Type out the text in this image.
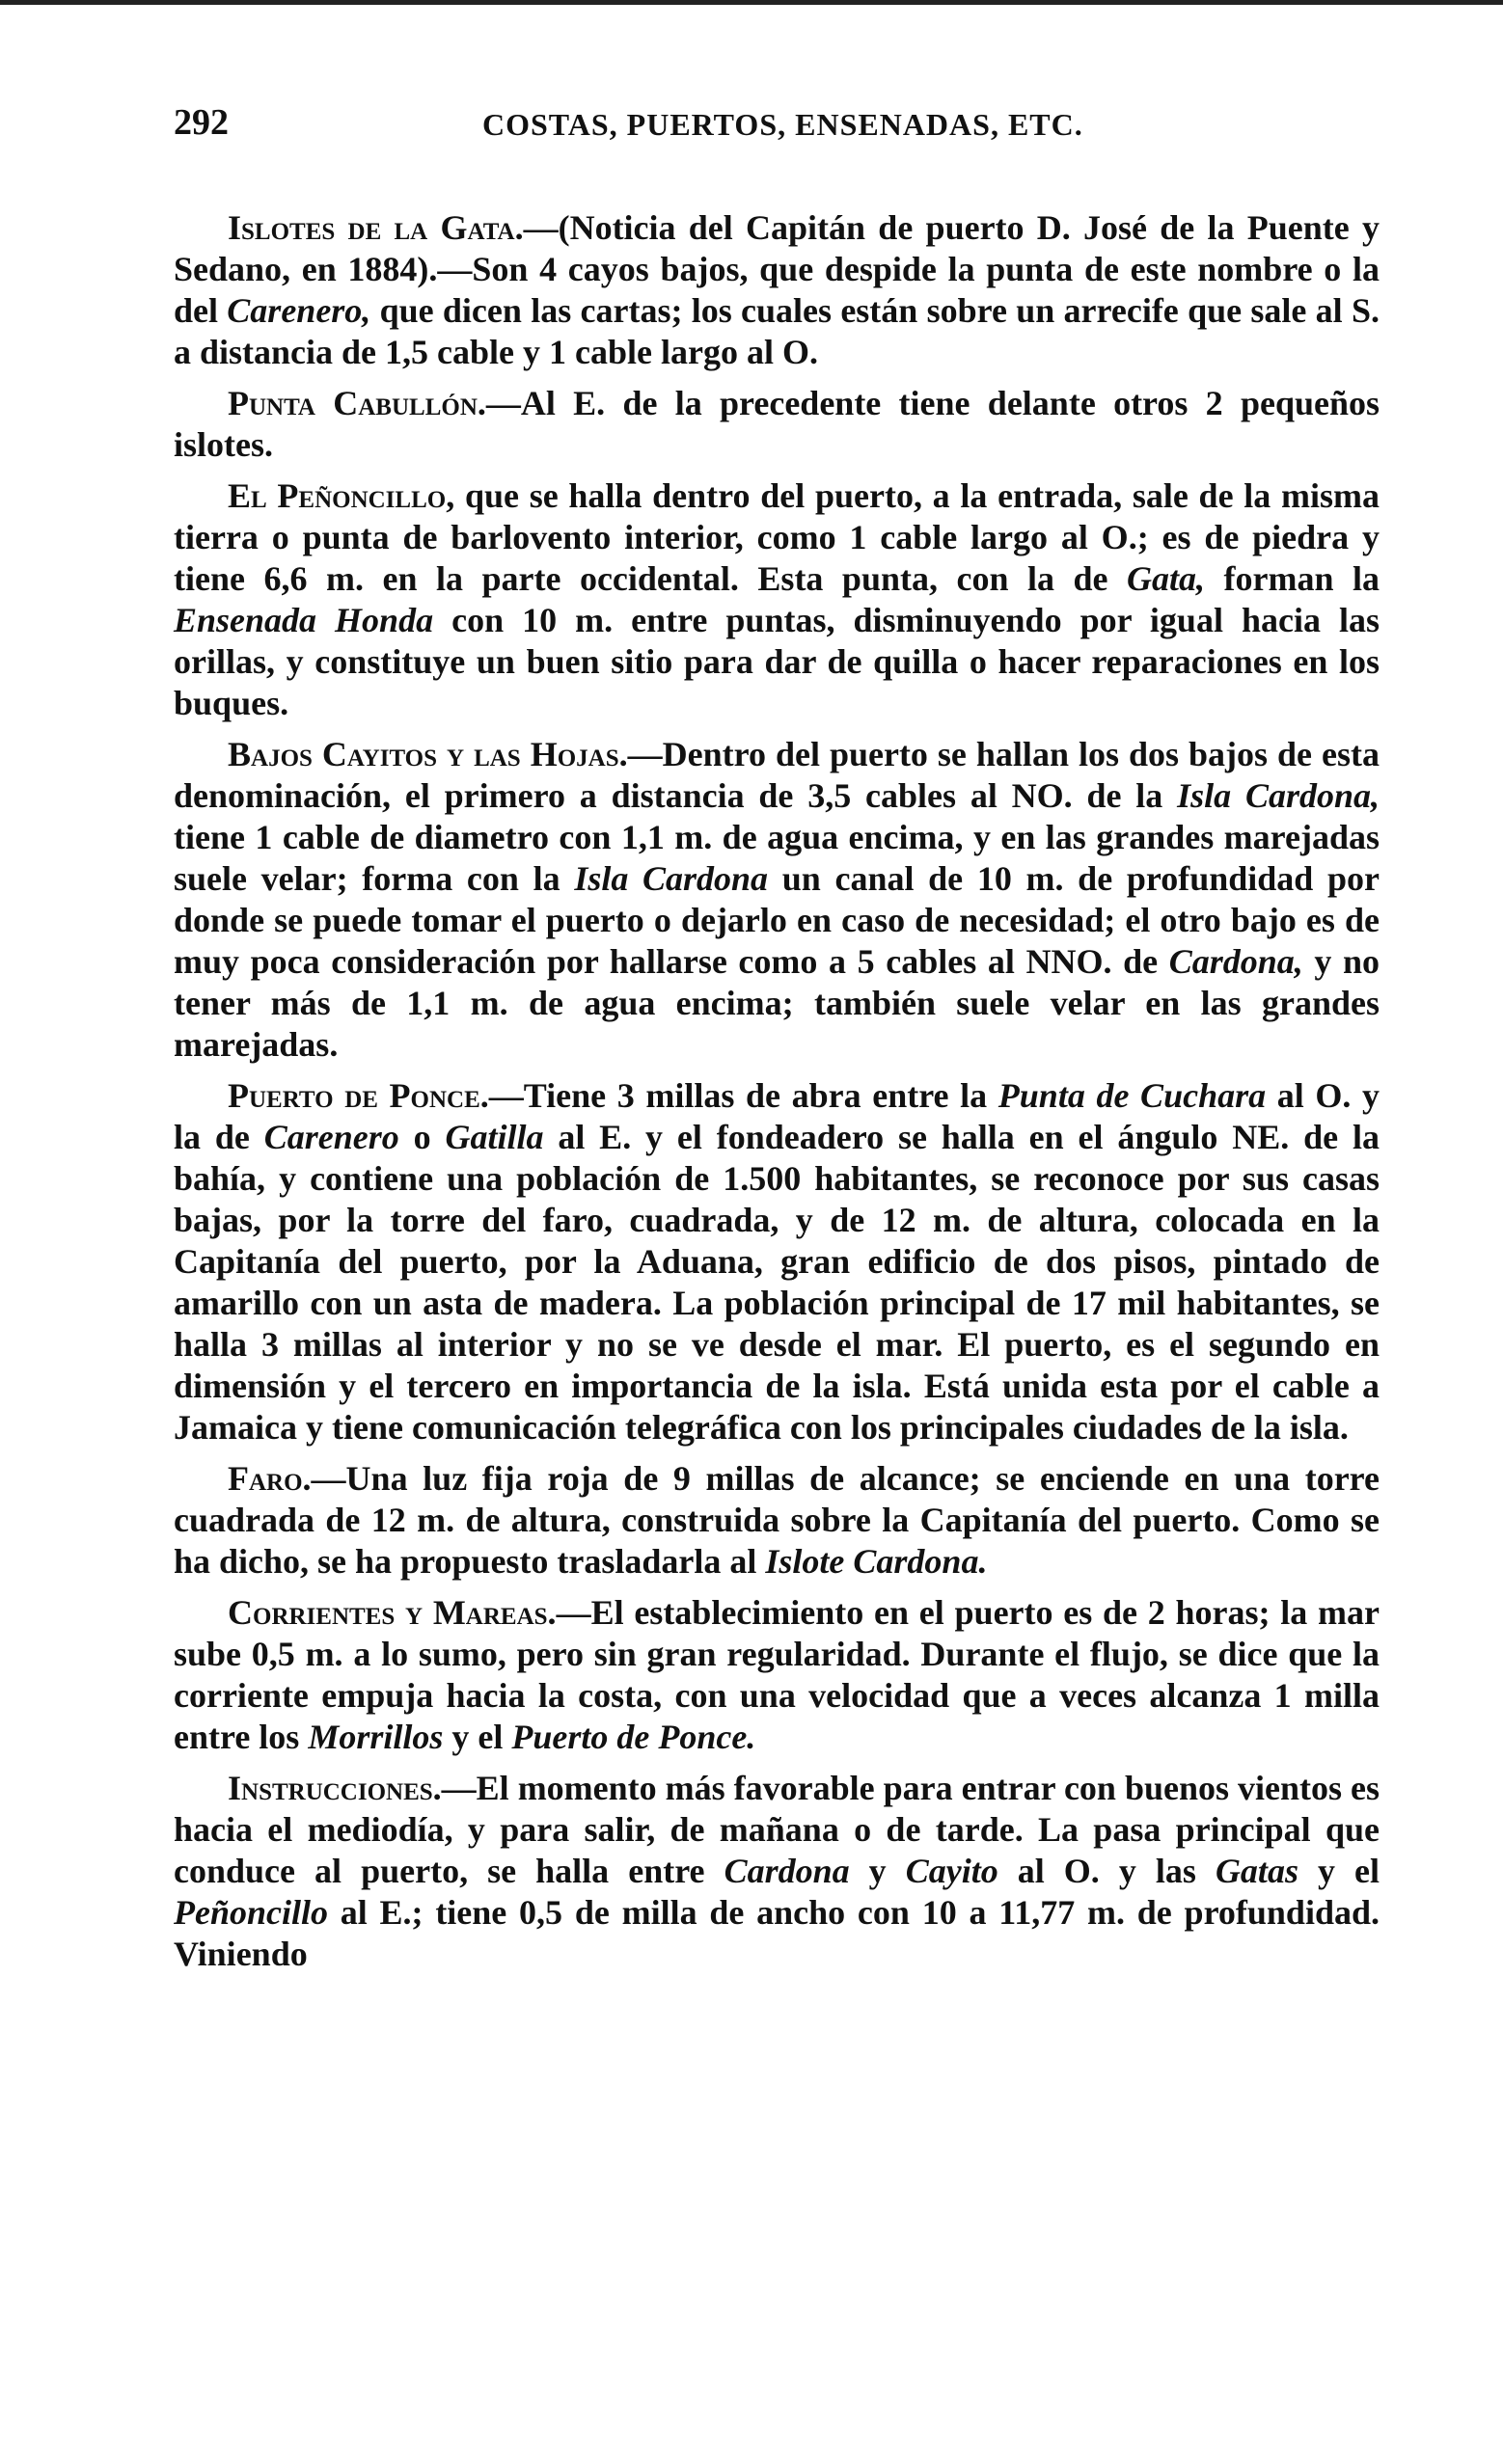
292	COSTAS, PUERTOS, ENSENADAS, ETC.

Islotes de la Gata.—(Noticia del Capitán de puerto D. José de la Puente y Sedano, en 1884).—Son 4 cayos bajos, que despide la punta de este nombre o la del Carenero, que dicen las cartas; los cuales están sobre un arrecife que sale al S. a distancia de 1,5 cable y 1 cable largo al O.

Punta Cabullón.—Al E. de la precedente tiene delante otros 2 pequeños islotes.

El Peñoncillo, que se halla dentro del puerto, a la entrada, sale de la misma tierra o punta de barlovento interior, como 1 cable largo al O.; es de piedra y tiene 6,6 m. en la parte occidental. Esta punta, con la de Gata, forman la Ensenada Honda con 10 m. entre puntas, disminuyendo por igual hacia las orillas, y constituye un buen sitio para dar de quilla o hacer reparaciones en los buques.

Bajos Cayitos y las Hojas.—Dentro del puerto se hallan los dos bajos de esta denominación, el primero a distancia de 3,5 cables al NO. de la Isla Cardona, tiene 1 cable de diametro con 1,1 m. de agua encima, y en las grandes marejadas suele velar; forma con la Isla Cardona un canal de 10 m. de profundidad por donde se puede tomar el puerto o dejarlo en caso de necesidad; el otro bajo es de muy poca consideración por hallarse como a 5 cables al NNO. de Cardona, y no tener más de 1,1 m. de agua encima; también suele velar en las grandes marejadas.

Puerto de Ponce.—Tiene 3 millas de abra entre la Punta de Cuchara al O. y la de Carenero o Gatilla al E. y el fondeadero se halla en el ángulo NE. de la bahía, y contiene una población de 1.500 habitantes, se reconoce por sus casas bajas, por la torre del faro, cuadrada, y de 12 m. de altura, colocada en la Capitanía del puerto, por la Aduana, gran edificio de dos pisos, pintado de amarillo con un asta de madera. La población principal de 17 mil habitantes, se halla 3 millas al interior y no se ve desde el mar. El puerto, es el segundo en dimensión y el tercero en importancia de la isla. Está unida esta por el cable a Jamaica y tiene comunicación telegráfica con los principales ciudades de la isla.

Faro.—Una luz fija roja de 9 millas de alcance; se enciende en una torre cuadrada de 12 m. de altura, construida sobre la Capitanía del puerto. Como se ha dicho, se ha propuesto trasladarla al Islote Cardona.

Corrientes y Mareas.—El establecimiento en el puerto es de 2 horas; la mar sube 0,5 m. a lo sumo, pero sin gran regularidad. Durante el flujo, se dice que la corriente empuja hacia la costa, con una velocidad que a veces alcanza 1 milla entre los Morrillos y el Puerto de Ponce.

Instrucciones.—El momento más favorable para entrar con buenos vientos es hacia el mediodía, y para salir, de mañana o de tarde. La pasa principal que conduce al puerto, se halla entre Cardona y Cayito al O. y las Gatas y el Peñoncillo al E.; tiene 0,5 de milla de ancho con 10 a 11,77 m. de profundidad. Viniendo
